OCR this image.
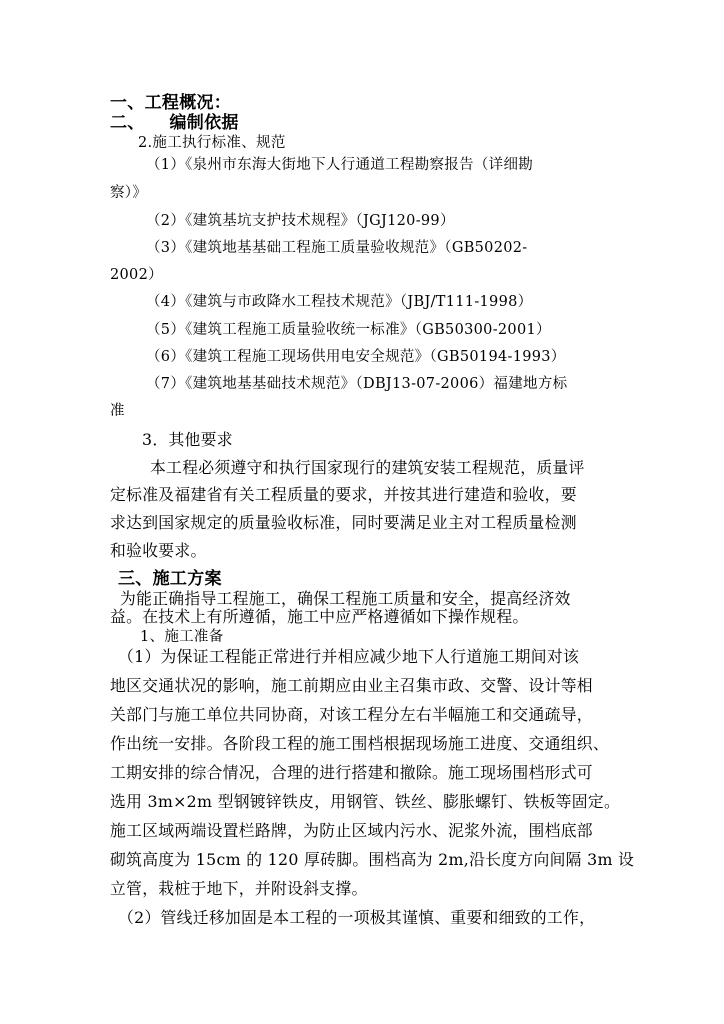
一、工程概况：
二、    编制依据
2.施工执行标准、规范
（1）《泉州市东海大街地下人行通道工程勘察报告（详细勘
察）》
（2）《建筑基坑支护技术规程》（JGJ120-99）
（3）《建筑地基基础工程施工质量验收规范》（GB50202-
2002）
（4）《建筑与市政降水工程技术规范》（JBJ/T111-1998）
（5）《建筑工程施工质量验收统一标准》（GB50300-2001）
（6）《建筑工程施工现场供用电安全规范》（GB50194-1993）
（7）《建筑地基基础技术规范》（DBJ13-07-2006）福建地方标
准
3．其他要求
本工程必须遵守和执行国家现行的建筑安装工程规范，质量评
定标准及福建省有关工程质量的要求，并按其进行建造和验收，要
求达到国家规定的质量验收标准，同时要满足业主对工程质量检测
和验收要求。
三、施工方案
为能正确指导工程施工，确保工程施工质量和安全，提高经济效
益。在技术上有所遵循，施工中应严格遵循如下操作规程。
1、施工准备
（1）为保证工程能正常进行并相应减少地下人行道施工期间对该
地区交通状况的影响，施工前期应由业主召集市政、交警、设计等相
关部门与施工单位共同协商，对该工程分左右半幅施工和交通疏导，
作出统一安排。各阶段工程的施工围档根据现场施工进度、交通组织、
工期安排的综合情况，合理的进行搭建和撤除。施工现场围档形式可
选用 3m×2m 型钢镀锌铁皮，用钢管、铁丝、膨胀螺钉、铁板等固定。
施工区域两端设置栏路牌，为防止区域内污水、泥浆外流，围档底部
砌筑高度为 15cm 的 120 厚砖脚。围档高为 2m,沿长度方向间隔 3m 设
立管，栽桩于地下，并附设斜支撑。
（2）管线迁移加固是本工程的一项极其谨慎、重要和细致的工作，
